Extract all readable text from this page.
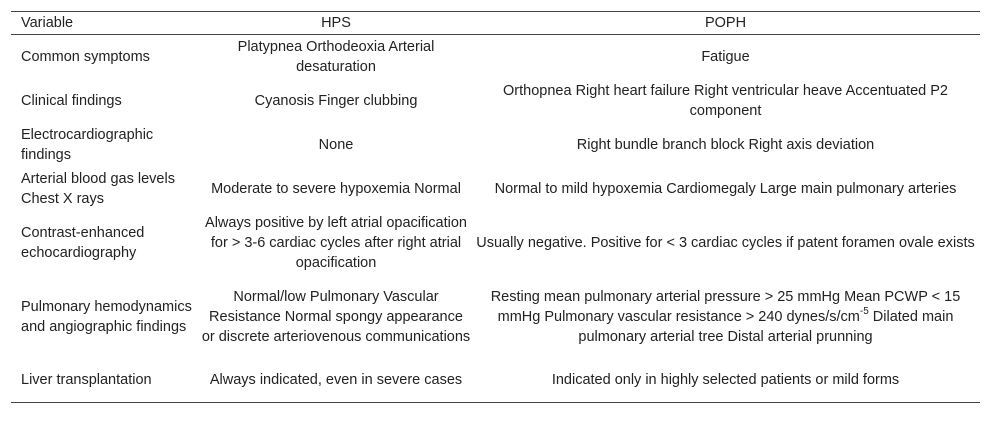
Variable	HPS	POPH
Common symptoms	Platypnea Orthodeoxia Arterial desaturation	Fatigue
Clinical findings	Cyanosis Finger clubbing	Orthopnea Right heart failure Right ventricular heave Accentuated P2 component
Electrocardiographic findings	None	Right bundle branch block Right axis deviation
Arterial blood gas levels Chest X rays	Moderate to severe hypoxemia Normal	Normal to mild hypoxemia Cardiomegaly Large main pulmonary arteries
Contrast-enhanced echocardiography	Always positive by left atrial opacification for > 3-6 cardiac cycles after right atrial opacification	Usually negative. Positive for < 3 cardiac cycles if patent foramen ovale exists
Pulmonary hemodynamics and angiographic findings	Normal/low Pulmonary Vascular Resistance Normal spongy appearance or discrete arteriovenous communications	Resting mean pulmonary arterial pressure > 25 mmHg Mean PCWP < 15 mmHg Pulmonary vascular resistance > 240 dynes/$s/cm^{-5}$ Dilated main pulmonary arterial tree Distal arterial prunning
Liver transplantation	Always indicated, even in severe cases	Indicated only in highly selected patients or mild forms
